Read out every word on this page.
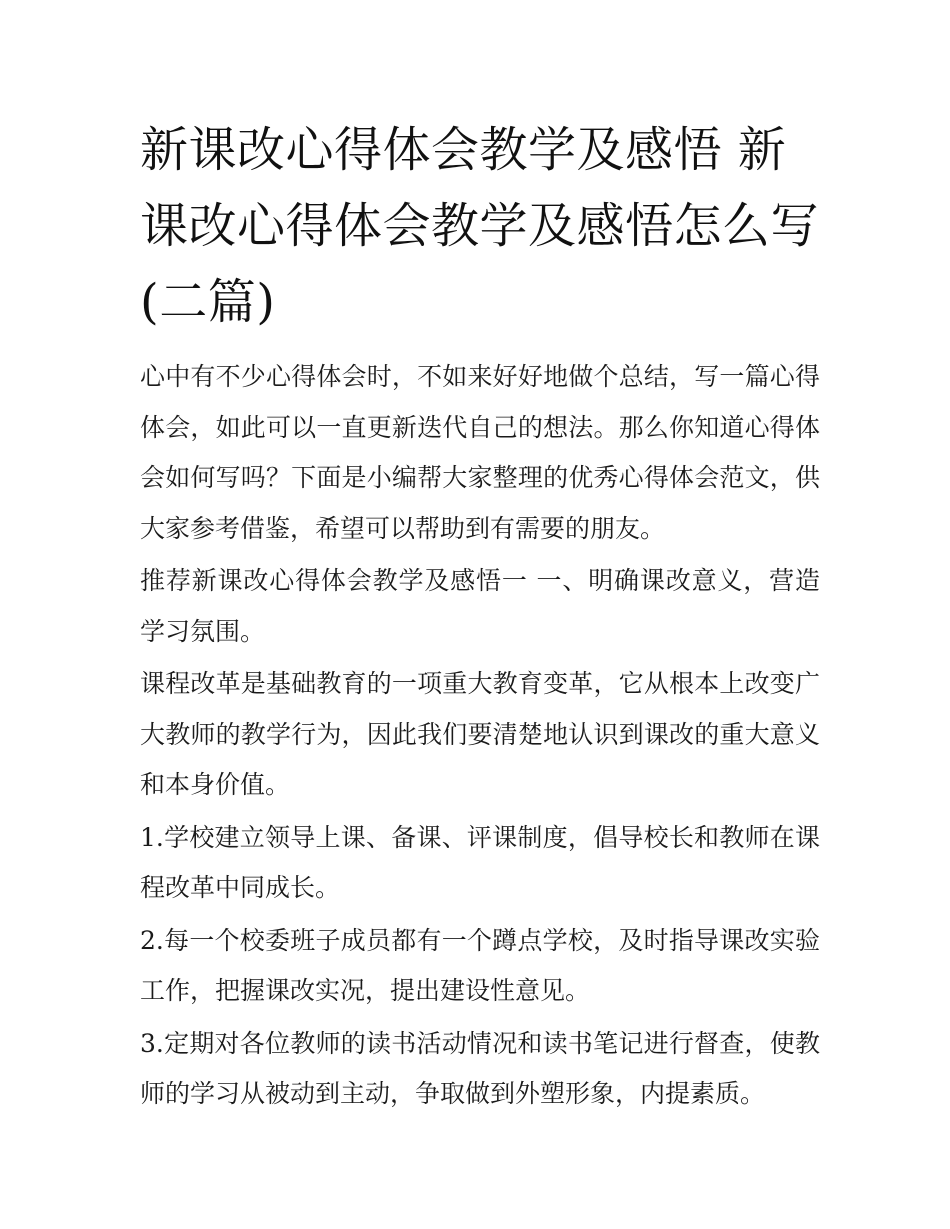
新课改心得体会教学及感悟 新课改心得体会教学及感悟怎么写(二篇)

心中有不少心得体会时，不如来好好地做个总结，写一篇心得体会，如此可以一直更新迭代自己的想法。那么你知道心得体会如何写吗？下面是小编帮大家整理的优秀心得体会范文，供大家参考借鉴，希望可以帮助到有需要的朋友。

推荐新课改心得体会教学及感悟一 一、明确课改意义，营造学习氛围。

课程改革是基础教育的一项重大教育变革，它从根本上改变广大教师的教学行为，因此我们要清楚地认识到课改的重大意义和本身价值。

1.学校建立领导上课、备课、评课制度，倡导校长和教师在课程改革中同成长。

2.每一个校委班子成员都有一个蹲点学校，及时指导课改实验工作，把握课改实况，提出建设性意见。

3.定期对各位教师的读书活动情况和读书笔记进行督查，使教师的学习从被动到主动，争取做到外塑形象，内提素质。
